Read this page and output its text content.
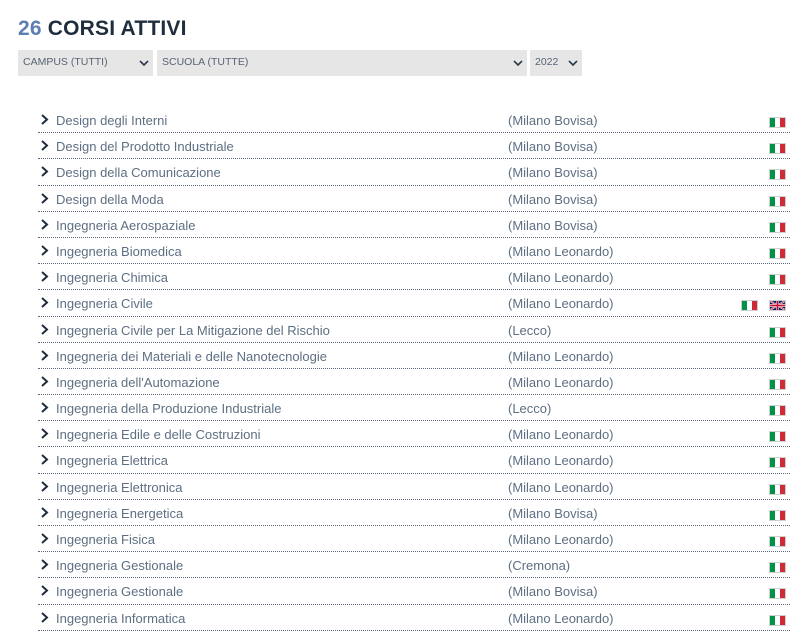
26 CORSI ATTIVI
CAMPUS (TUTTI)	SCUOLA (TUTTE)	2022
Design degli Interni	(Milano Bovisa)
Design del Prodotto Industriale	(Milano Bovisa)
Design della Comunicazione	(Milano Bovisa)
Design della Moda	(Milano Bovisa)
Ingegneria Aerospaziale	(Milano Bovisa)
Ingegneria Biomedica	(Milano Leonardo)
Ingegneria Chimica	(Milano Leonardo)
Ingegneria Civile	(Milano Leonardo)
Ingegneria Civile per La Mitigazione del Rischio	(Lecco)
Ingegneria dei Materiali e delle Nanotecnologie	(Milano Leonardo)
Ingegneria dell'Automazione	(Milano Leonardo)
Ingegneria della Produzione Industriale	(Lecco)
Ingegneria Edile e delle Costruzioni	(Milano Leonardo)
Ingegneria Elettrica	(Milano Leonardo)
Ingegneria Elettronica	(Milano Leonardo)
Ingegneria Energetica	(Milano Bovisa)
Ingegneria Fisica	(Milano Leonardo)
Ingegneria Gestionale	(Cremona)
Ingegneria Gestionale	(Milano Bovisa)
Ingegneria Informatica	(Milano Leonardo)
